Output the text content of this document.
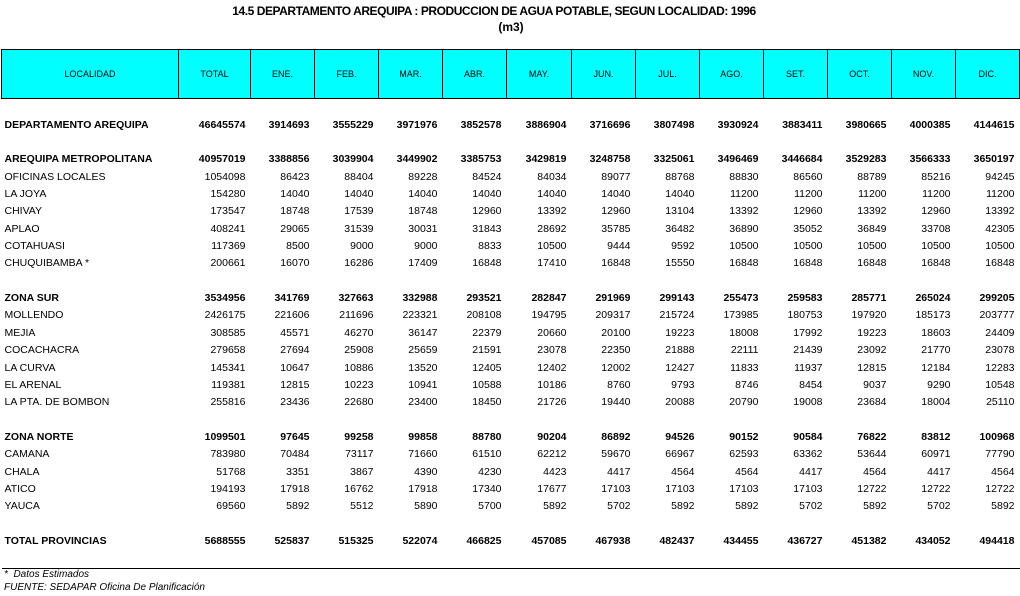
14.5 DEPARTAMENTO AREQUIPA : PRODUCCION DE AGUA POTABLE, SEGUN LOCALIDAD: 1996
(m3)
LOCALIDAD	TOTAL	ENE.	FEB.	MAR.	ABR.	MAY.	JUN.	JUL.	AGO.	SET.	OCT.	NOV.	DIC.

DEPARTAMENTO AREQUIPA	46645574	3914693	3555229	3971976	3852578	3886904	3716696	3807498	3930924	3883411	3980665	4000385	4144615

AREQUIPA METROPOLITANA	40957019	3388856	3039904	3449902	3385753	3429819	3248758	3325061	3496469	3446684	3529283	3566333	3650197
OFICINAS LOCALES	1054098	86423	88404	89228	84524	84034	89077	88768	88830	86560	88789	85216	94245
LA JOYA	154280	14040	14040	14040	14040	14040	14040	14040	11200	11200	11200	11200	11200
CHIVAY	173547	18748	17539	18748	12960	13392	12960	13104	13392	12960	13392	12960	13392
APLAO	408241	29065	31539	30031	31843	28692	35785	36482	36890	35052	36849	33708	42305
COTAHUASI	117369	8500	9000	9000	8833	10500	9444	9592	10500	10500	10500	10500	10500
CHUQUIBAMBA *	200661	16070	16286	17409	16848	17410	16848	15550	16848	16848	16848	16848	16848

ZONA SUR	3534956	341769	327663	332988	293521	282847	291969	299143	255473	259583	285771	265024	299205
MOLLENDO	2426175	221606	211696	223321	208108	194795	209317	215724	173985	180753	197920	185173	203777
MEJIA	308585	45571	46270	36147	22379	20660	20100	19223	18008	17992	19223	18603	24409
COCACHACRA	279658	27694	25908	25659	21591	23078	22350	21888	22111	21439	23092	21770	23078
LA CURVA	145341	10647	10886	13520	12405	12402	12002	12427	11833	11937	12815	12184	12283
EL ARENAL	119381	12815	10223	10941	10588	10186	8760	9793	8746	8454	9037	9290	10548
LA PTA. DE BOMBON	255816	23436	22680	23400	18450	21726	19440	20088	20790	19008	23684	18004	25110

ZONA NORTE	1099501	97645	99258	99858	88780	90204	86892	94526	90152	90584	76822	83812	100968
CAMANA	783980	70484	73117	71660	61510	62212	59670	66967	62593	63362	53644	60971	77790
CHALA	51768	3351	3867	4390	4230	4423	4417	4564	4564	4417	4564	4417	4564
ATICO	194193	17918	16762	17918	17340	17677	17103	17103	17103	17103	12722	12722	12722
YAUCA	69560	5892	5512	5890	5700	5892	5702	5892	5892	5702	5892	5702	5892

TOTAL PROVINCIAS	5688555	525837	515325	522074	466825	457085	467938	482437	434455	436727	451382	434052	494418

*  Datos Estimados
FUENTE: SEDAPAR Oficina De Planificación
